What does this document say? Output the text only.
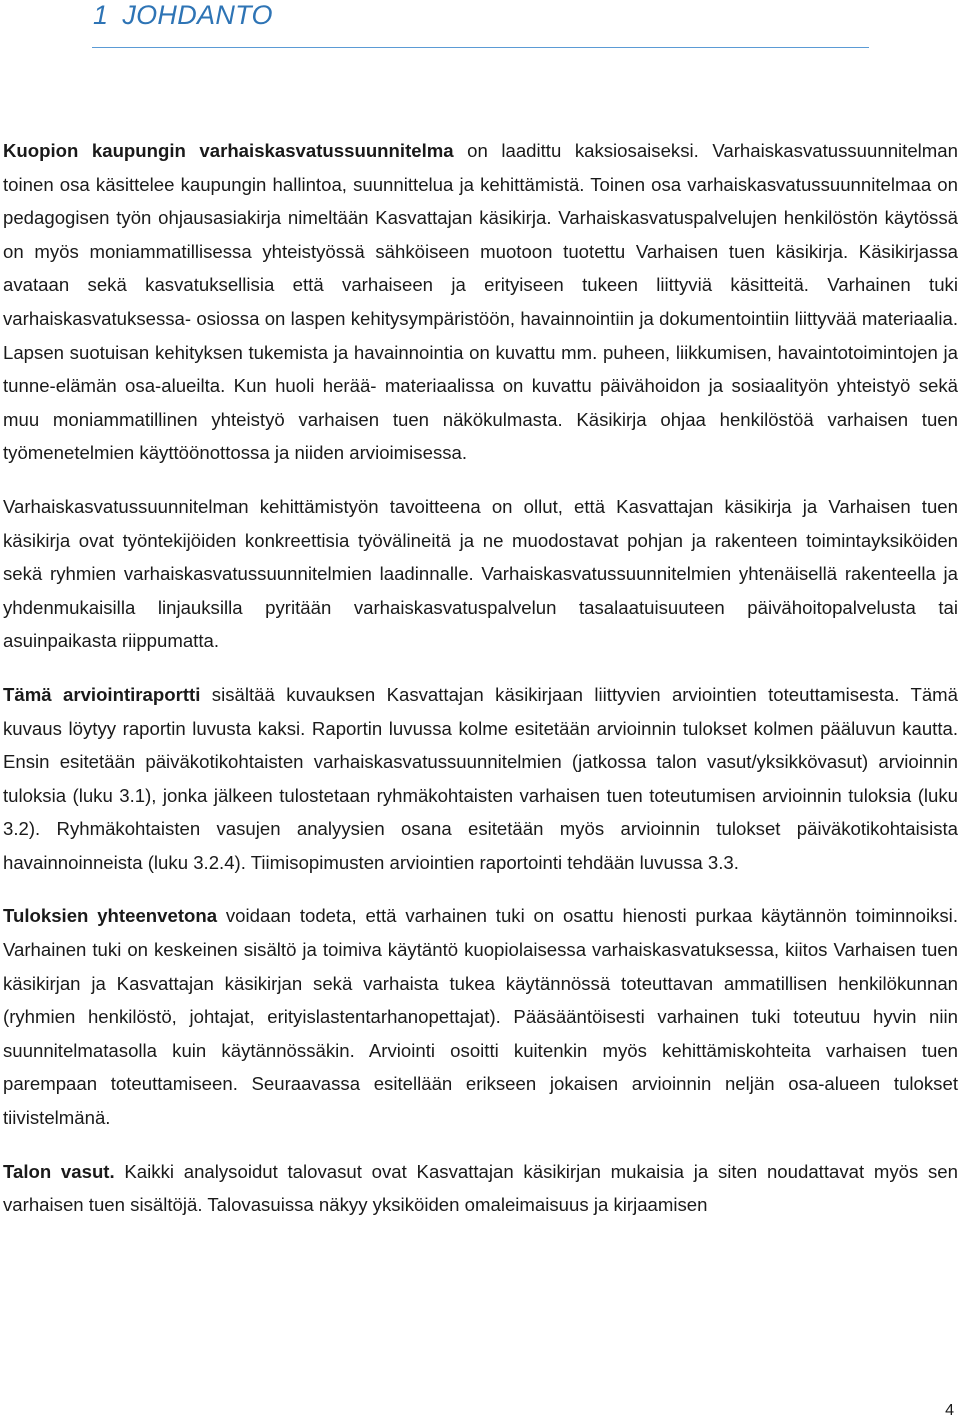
1 JOHDANTO

Kuopion kaupungin varhaiskasvatussuunnitelma on laadittu kaksiosaiseksi. Varhaiskasvatussuunnitelman toinen osa käsittelee kaupungin hallintoa, suunnittelua ja kehittämistä. Toinen osa varhaiskasvatussuunnitelmaa on pedagogisen työn ohjausasiakirja nimeltään Kasvattajan käsikirja. Varhaiskasvatuspalvelujen henkilöstön käytössä on myös moniammatillisessa yhteistyössä sähköiseen muotoon tuotettu Varhaisen tuen käsikirja. Käsikirjassa avataan sekä kasvatuksellisia että varhaiseen ja erityiseen tukeen liittyviä käsitteitä. Varhainen tuki varhaiskasvatuksessa- osiossa on laspen kehitysympäristöön, havainnointiin ja dokumentointiin liittyvää materiaalia. Lapsen suotuisan kehityksen tukemista ja havainnointia on kuvattu mm. puheen, liikkumisen, havaintotoimintojen ja tunne-elämän osa-alueilta. Kun huoli herää- materiaalissa on kuvattu päivähoidon ja sosiaalityön yhteistyö sekä muu moniammatillinen yhteistyö varhaisen tuen näkökulmasta. Käsikirja ohjaa henkilöstöä varhaisen tuen työmenetelmien käyttöönottossa ja niiden arvioimisessa.

Varhaiskasvatussuunnitelman kehittämistyön tavoitteena on ollut, että Kasvattajan käsikirja ja Varhaisen tuen käsikirja ovat työntekijöiden konkreettisia työvälineitä ja ne muodostavat pohjan ja rakenteen toimintayksiköiden sekä ryhmien varhaiskasvatussuunnitelmien laadinnalle. Varhaiskasvatussuunnitelmien yhtenäisellä rakenteella ja yhdenmukaisilla linjauksilla pyritään varhaiskasvatuspalvelun tasalaatuisuuteen päivähoitopalvelusta tai asuinpaikasta riippumatta.

Tämä arviointiraportti sisältää kuvauksen Kasvattajan käsikirjaan liittyvien arviointien toteuttamisesta. Tämä kuvaus löytyy raportin luvusta kaksi. Raportin luvussa kolme esitetään arvioinnin tulokset kolmen pääluvun kautta. Ensin esitetään päiväkotikohtaisten varhaiskasvatussuunnitelmien (jatkossa talon vasut/yksikkövasut) arvioinnin tuloksia (luku 3.1), jonka jälkeen tulostetaan ryhmäkohtaisten varhaisen tuen toteutumisen arvioinnin tuloksia (luku 3.2). Ryhmäkohtaisten vasujen analyysien osana esitetään myös arvioinnin tulokset päiväkotikohtaisista havainnoinneista (luku 3.2.4). Tiimisopimusten arviointien raportointi tehdään luvussa 3.3.

Tuloksien yhteenvetona voidaan todeta, että varhainen tuki on osattu hienosti purkaa käytännön toiminnoiksi. Varhainen tuki on keskeinen sisältö ja toimiva käytäntö kuopiolaisessa varhaiskasvatuksessa, kiitos Varhaisen tuen käsikirjan ja Kasvattajan käsikirjan sekä varhaista tukea käytännössä toteuttavan ammatillisen henkilökunnan (ryhmien henkilöstö, johtajat, erityislastentarhanopettajat). Pääsääntöisesti varhainen tuki toteutuu hyvin niin suunnitelmatasolla kuin käytännössäkin. Arviointi osoitti kuitenkin myös kehittämiskohteita varhaisen tuen parempaan toteuttamiseen. Seuraavassa esitellään erikseen jokaisen arvioinnin neljän osa-alueen tulokset tiivistelmänä.

Talon vasut. Kaikki analysoidut talovasut ovat Kasvattajan käsikirjan mukaisia ja siten noudattavat myös sen varhaisen tuen sisältöjä. Talovasuissa näkyy yksiköiden omaleimaisuus ja kirjaamisen

4
